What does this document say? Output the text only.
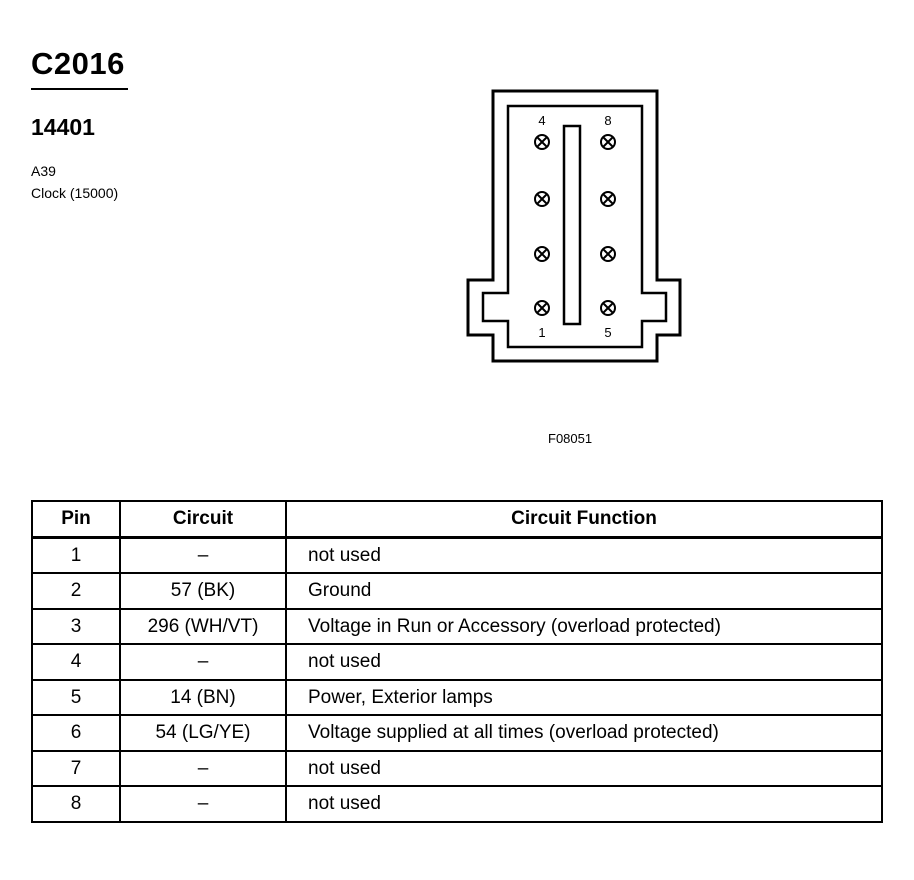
C2016
14401
A39
Clock (15000)
4	8
1	5
F08051
Pin	Circuit	Circuit Function
1	–	not used
2	57 (BK)	Ground
3	296 (WH/VT)	Voltage in Run or Accessory (overload protected)
4	–	not used
5	14 (BN)	Power, Exterior lamps
6	54 (LG/YE)	Voltage supplied at all times (overload protected)
7	–	not used
8	–	not used
